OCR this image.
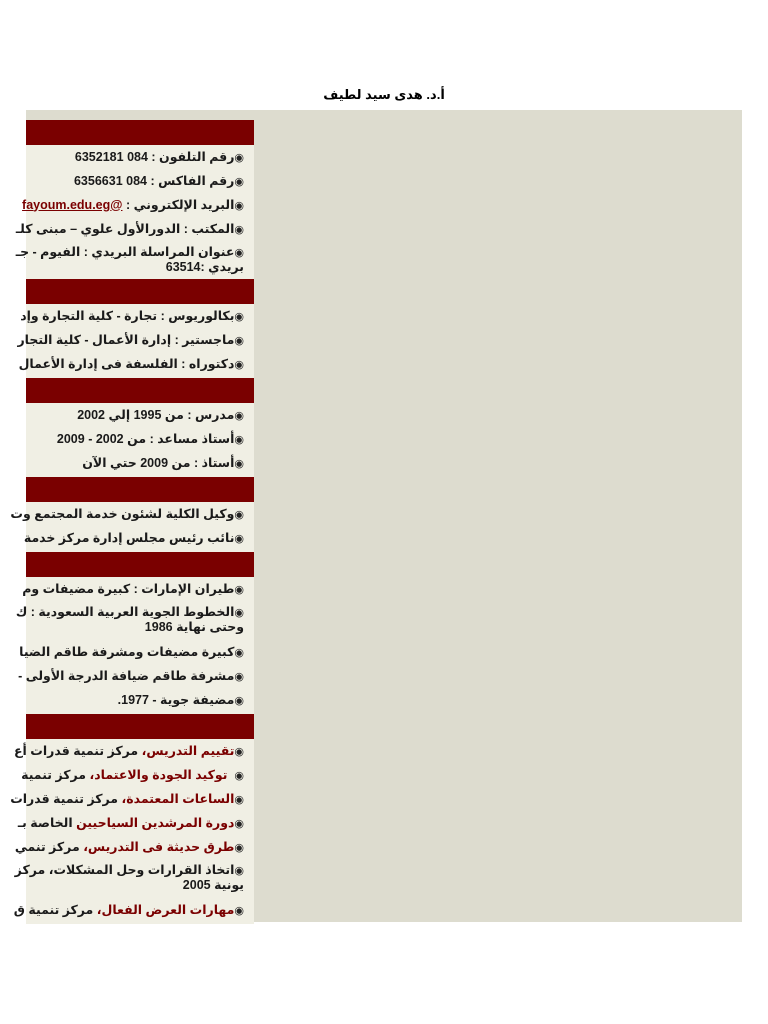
أ.د. هدى سيد لطيف
◉رقم التلفون : 084 6352181
◉رقم الفاكس : 084 6356631
◉البريد الإلكتروني : @fayoum.edu.eg
◉المكتب : الدورالأول علوي – مبنى كلـ
◉عنوان المراسلة البريدي : الفيوم - جـ
بريدي :63514
◉بكالوريوس : تجارة - كلية التجارة وإد
◉ماجستير : إدارة الأعمال - كلية التجار
◉دكتوراه : الفلسفة فى إدارة الأعمال
◉مدرس : من 1995 إلي 2002
◉أستاذ مساعد : من 2002 - 2009
◉أستاذ : من 2009 حتي الآن
◉وكيل الكلية لشئون خدمة المجتمع وت
◉نائب رئيس مجلس إدارة مركز خدمة
◉طيران الإمارات : كبيرة مضيفات وم
◉الخطوط الجوية العربية السعودية : ك
وحتى نهاية 1986
◉كبيرة مضيفات ومشرفة طاقم الضيا
◉مشرفة طاقم ضيافة الدرجة الأولى -
◉مضيفة جوية - 1977.
◉تقييم التدريس، مركز تنمية قدرات أع
◉  توكيد الجودة والاعتماد، مركز تنمية
◉الساعات المعتمدة، مركز تنمية قدرات
◉دورة المرشدين السياحيين الخاصة بـ
◉طرق حديثة فى التدريس، مركز تنمي
◉اتخاذ القرارات وحل المشكلات، مركز
يونية 2005
◉مهارات العرض الفعال، مركز تنمية ق
